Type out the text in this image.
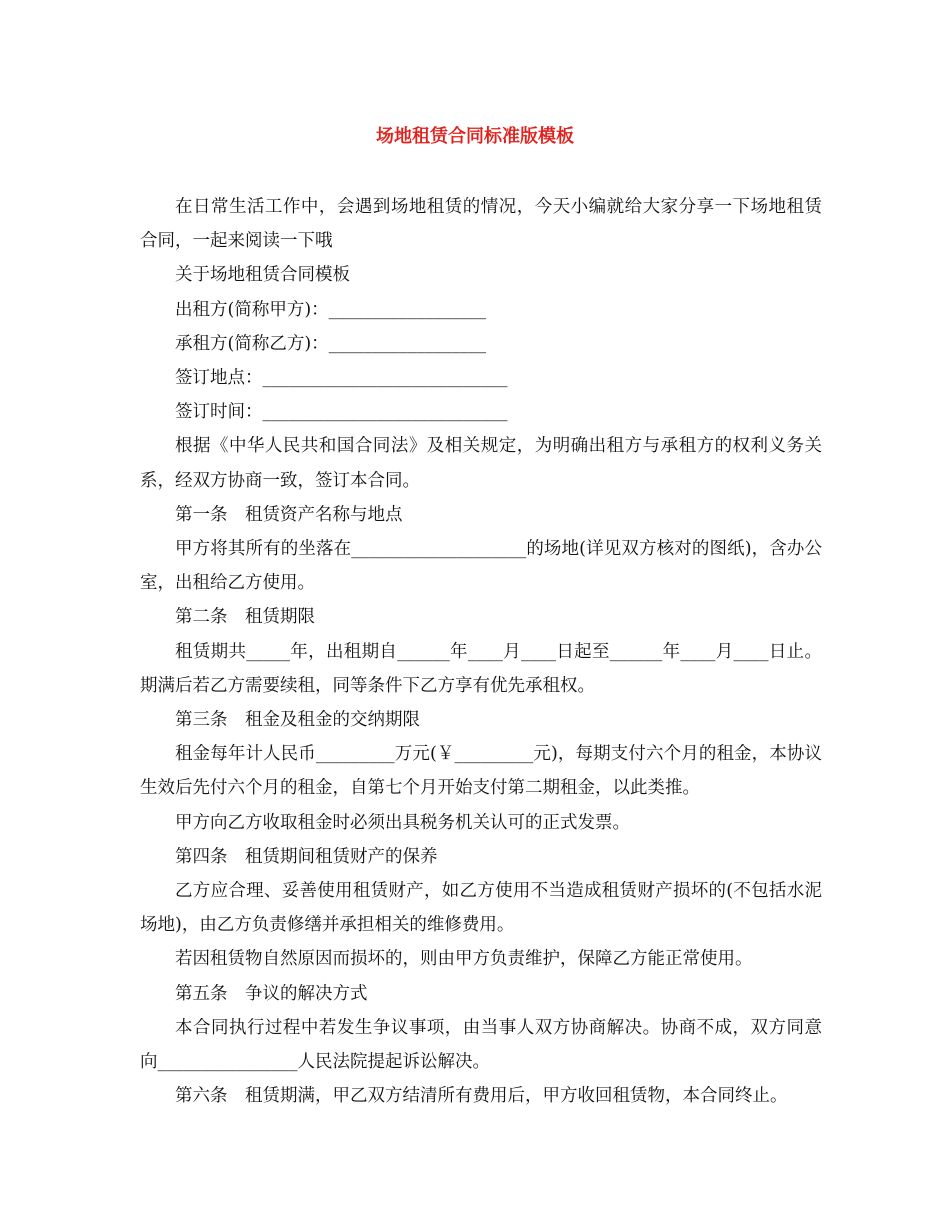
场地租赁合同标准版模板

在日常生活工作中，会遇到场地租赁的情况，今天小编就给大家分享一下场地租赁合同，一起来阅读一下哦

关于场地租赁合同模板

出租方(简称甲方)：__________________

承租方(简称乙方)：__________________

签订地点：____________________________

签订时间：____________________________

根据《中华人民共和国合同法》及相关规定，为明确出租方与承租方的权利义务关系，经双方协商一致，签订本合同。

第一条　租赁资产名称与地点

甲方将其所有的坐落在____________________的场地(详见双方核对的图纸)，含办公室，出租给乙方使用。

第二条　租赁期限

租赁期共_____年，出租期自______年____月____日起至______年____月____日止。期满后若乙方需要续租，同等条件下乙方享有优先承租权。

第三条　租金及租金的交纳期限

租金每年计人民币_________万元(￥_________元)，每期支付六个月的租金，本协议生效后先付六个月的租金，自第七个月开始支付第二期租金，以此类推。

甲方向乙方收取租金时必须出具税务机关认可的正式发票。

第四条　租赁期间租赁财产的保养

乙方应合理、妥善使用租赁财产，如乙方使用不当造成租赁财产损坏的(不包括水泥场地)，由乙方负责修缮并承担相关的维修费用。

若因租赁物自然原因而损坏的，则由甲方负责维护，保障乙方能正常使用。

第五条　争议的解决方式

本合同执行过程中若发生争议事项，由当事人双方协商解决。协商不成，双方同意向________________人民法院提起诉讼解决。

第六条　租赁期满，甲乙双方结清所有费用后，甲方收回租赁物，本合同终止。
